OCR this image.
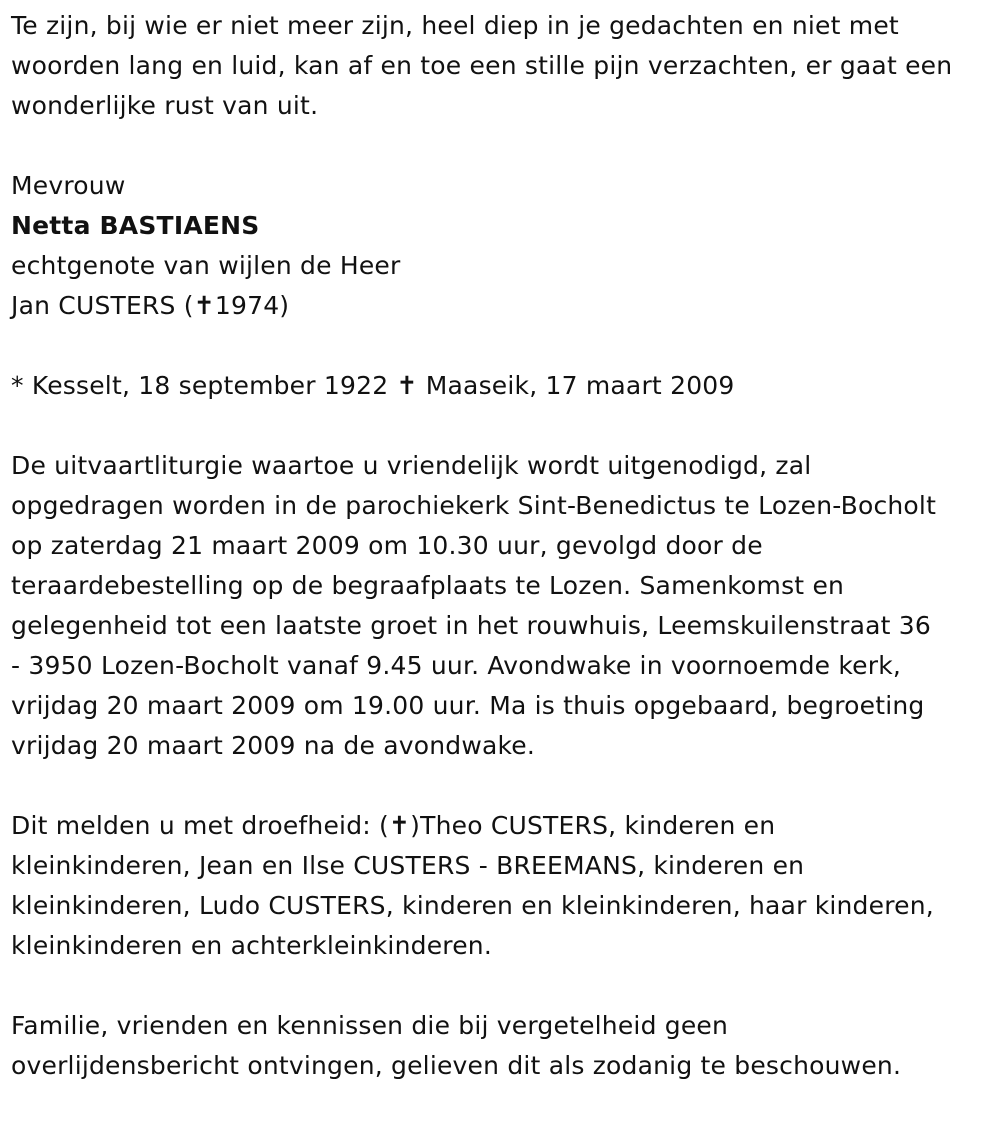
Te zijn, bij wie er niet meer zijn, heel diep in je gedachten en niet met
woorden lang en luid, kan af en toe een stille pijn verzachten, er gaat een
wonderlijke rust van uit.
Mevrouw
Netta BASTIAENS
echtgenote van wijlen de Heer
Jan CUSTERS (✝1974)
* Kesselt, 18 september 1922 ✝ Maaseik, 17 maart 2009
De uitvaartliturgie waartoe u vriendelijk wordt uitgenodigd, zal
opgedragen worden in de parochiekerk Sint-Benedictus te Lozen-Bocholt
op zaterdag 21 maart 2009 om 10.30 uur, gevolgd door de
teraardebestelling op de begraafplaats te Lozen. Samenkomst en
gelegenheid tot een laatste groet in het rouwhuis, Leemskuilenstraat 36
- 3950 Lozen-Bocholt vanaf 9.45 uur. Avondwake in voornoemde kerk,
vrijdag 20 maart 2009 om 19.00 uur. Ma is thuis opgebaard, begroeting
vrijdag 20 maart 2009 na de avondwake.
Dit melden u met droefheid: (✝)Theo CUSTERS, kinderen en
kleinkinderen, Jean en Ilse CUSTERS - BREEMANS, kinderen en
kleinkinderen, Ludo CUSTERS, kinderen en kleinkinderen, haar kinderen,
kleinkinderen en achterkleinkinderen.
Familie, vrienden en kennissen die bij vergetelheid geen
overlijdensbericht ontvingen, gelieven dit als zodanig te beschouwen.
